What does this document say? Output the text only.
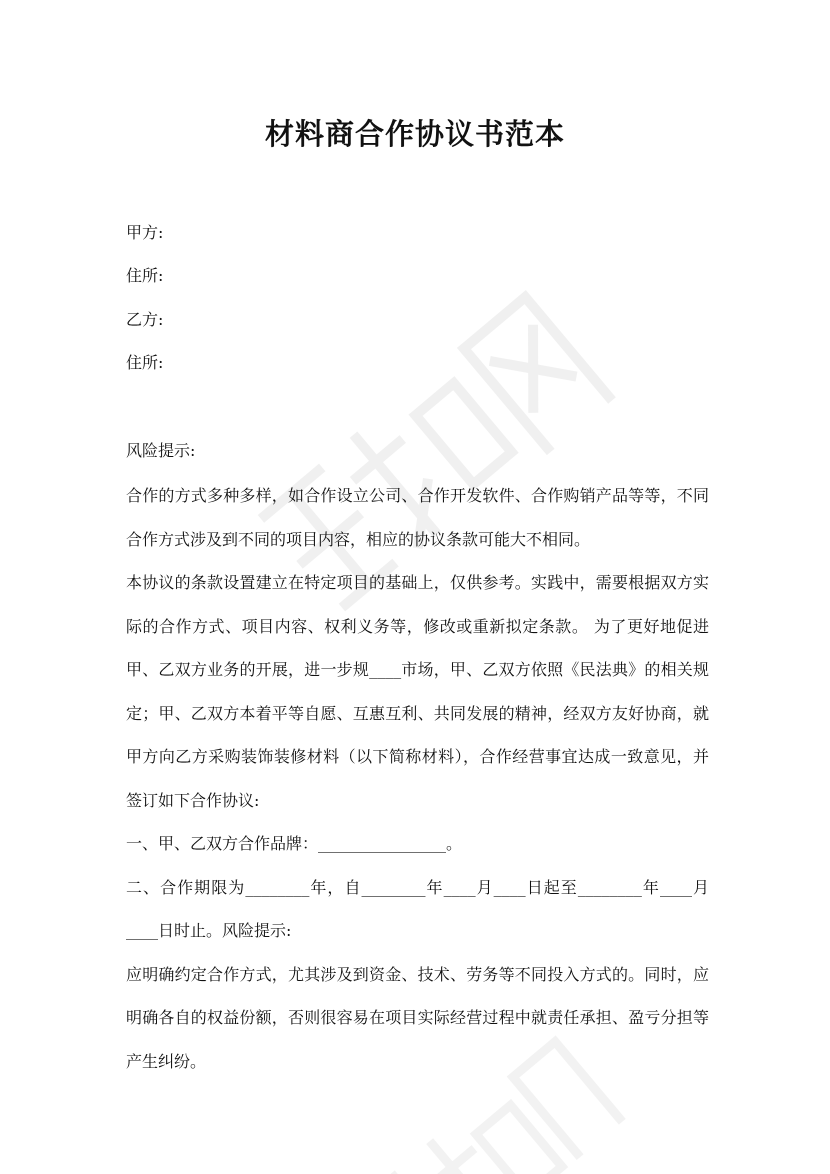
材料商合作协议书范本

甲方:

住所:

乙方:

住所:

风险提示:

合作的方式多种多样，如合作设立公司、合作开发软件、合作购销产品等等，不同合作方式涉及到不同的项目内容，相应的协议条款可能大不相同。

本协议的条款设置建立在特定项目的基础上，仅供参考。实践中，需要根据双方实际的合作方式、项目内容、权利义务等，修改或重新拟定条款。 为了更好地促进甲、乙双方业务的开展，进一步规____市场，甲、乙双方依照《民法典》的相关规定；甲、乙双方本着平等自愿、互惠互利、共同发展的精神，经双方友好协商，就甲方向乙方采购装饰装修材料（以下简称材料），合作经营事宜达成一致意见，并签订如下合作协议:

一、甲、乙双方合作品牌：________________。

二、合作期限为________年，自________年____月____日起至________年____月____日时止。风险提示:

应明确约定合作方式，尤其涉及到资金、技术、劳务等不同投入方式的。同时，应明确各自的权益份额，否则很容易在项目实际经营过程中就责任承担、盈亏分担等产生纠纷。
